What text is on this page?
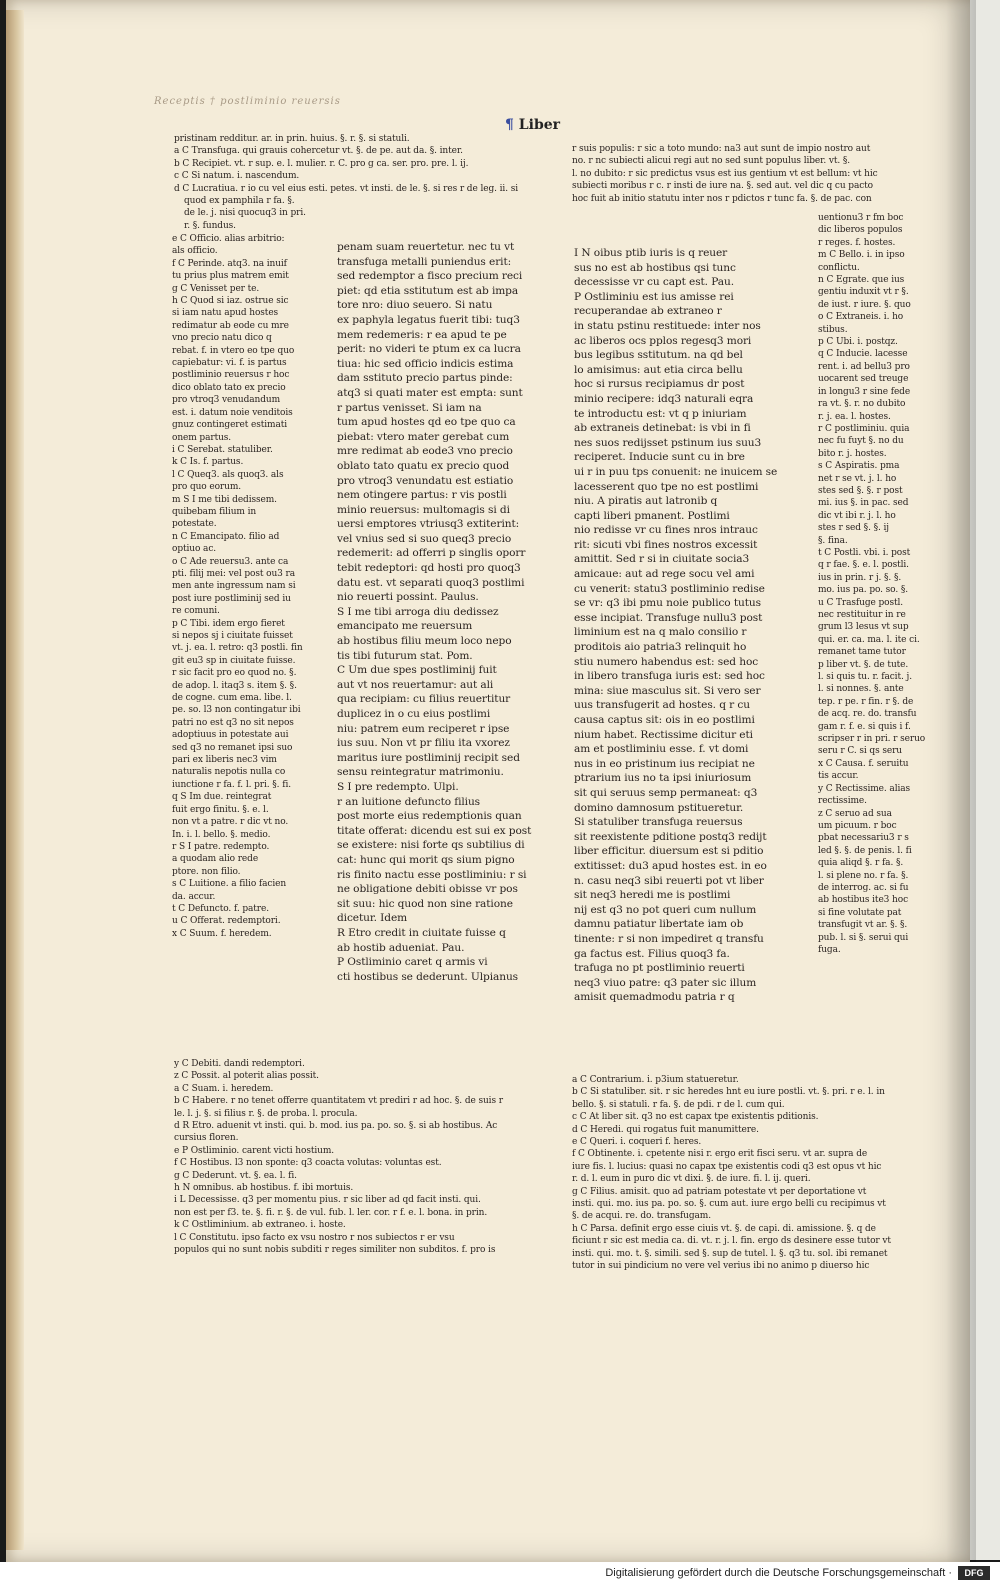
Receptis † postliminio reuersis
¶ Liber

pristinam redditur. ar. in prin. huius. §. r. §. si statuli.

a C Transfuga. qui grauis cohercetur vt. §. de pe. aut da. §. inter.

b C Recipiet. vt. r sup. e. l. mulier. r. C. pro g ca. ser. pro. pre. l. ij.

c C Si natum. i. nascendum.

d C Lucratiua. r io cu vel eius esti. petes. vt insti. de le. §. si res r de leg. ii. si

quod ex pamphila r fa. §.

de le. j. nisi quocuq3 in pri.

r. §. fundus.

e C Officio. alias arbitrio:

als officio.

f C Perinde. atq3. na inuif

tu prius plus matrem emit

g C Venisset per te.

h C Quod si iaz. ostrue sic

si iam natu apud hostes

redimatur ab eode cu mre

vno precio natu dico q

rebat. f. in vtero eo tpe quo

capiebatur: vi. f. is partus

postliminio reuersus r hoc

dico oblato tato ex precio

pro vtroq3 venudandum

est. i. datum noie venditois

gnuz contingeret estimati

onem partus.

i C Serebat. statuliber.

k C Is. f. partus.

l C Queq3. als quoq3. als

pro quo eorum.

m S I me tibi dedissem.

quibebam filium in

potestate.

n C Emancipato. filio ad

optiuo ac.

o C Ade reuersu3. ante ca

pti. filij mei: vel post ou3 ra

men ante ingressum nam si

post iure postliminij sed iu

re comuni.

p C Tibi. idem ergo fieret

si nepos sj i ciuitate fuisset

vt. j. ea. l. retro: q3 postli. fin

git eu3 sp in ciuitate fuisse.

r sic facit pro eo quod no. §.

de adop. l. itaq3 s. item §. §.

de cogne. cum ema. libe. l.

pe. so. l3 non contingatur ibi

patri no est q3 no sit nepos

adoptiuus in potestate aui

sed q3 no remanet ipsi suo

pari ex liberis nec3 vim

naturalis nepotis nulla co

iunctione r fa. f. l. pri. §. fi.

q S Im due. reintegrat

fuit ergo finitu. §. e. l.

non vt a patre. r dic vt no.

In. i. l. bello. §. medio.

r S I patre. redempto.

a quodam alio rede

ptore. non filio.

s C Luitione. a filio facien

da. accur.

t C Defuncto. f. patre.

u C Offerat. redemptori.

x C Suum. f. heredem.

penam suam reuertetur. nec tu vt

transfuga metalli puniendus erit:

sed redemptor a fisco precium reci

piet: qd etia sstitutum est ab impa

tore nro: diuo seuero. Si natu

ex paphyla legatus fuerit tibi: tuq3

mem redemeris: r ea apud te pe

perit: no videri te ptum ex ca lucra

tiua: hic sed officio indicis estima

dam sstituto precio partus pinde:

atq3 si quati mater est empta: sunt

r partus venisset. Si iam na

tum apud hostes qd eo tpe quo ca

piebat: vtero mater gerebat cum

mre redimat ab eode3 vno precio

oblato tato quatu ex precio quod

pro vtroq3 venundatu est estiatio

nem otingere partus: r vis postli

minio reuersus: multomagis si di

uersi emptores vtriusq3 extiterint:

vel vnius sed si suo queq3 precio

redemerit: ad offerri p singlis oporr

tebit redeptori: qd hosti pro quoq3

datu est. vt separati quoq3 postlimi

nio reuerti possint. Paulus.

S I me tibi arroga diu dedissez

emancipato me reuersum

ab hostibus filiu meum loco nepo

tis tibi futurum stat. Pom.

C Um due spes postliminij fuit

aut vt nos reuertamur: aut ali

qua recipiam: cu filius reuertitur

duplicez in o cu eius postlimi

niu: patrem eum reciperet r ipse

ius suu. Non vt pr filiu ita vxorez

maritus iure postliminij recipit sed

sensu reintegratur matrimoniu.

S I pre redempto. Ulpi.

r an luitione defuncto filius

post morte eius redemptionis quan

titate offerat: dicendu est sui ex post

se existere: nisi forte qs subtilius di

cat: hunc qui morit qs sium pigno

ris finito nactu esse postliminiu: r si

ne obligatione debiti obisse vr pos

sit suu: hic quod non sine ratione

dicetur. Idem

R Etro credit in ciuitate fuisse q

ab hostib adueniat. Pau.

P Ostliminio caret q armis vi

cti hostibus se dederunt. Ulpianus

r suis populis: r sic a toto mundo: na3 aut sunt de impio nostro aut

no. r nc subiecti alicui regi aut no sed sunt populus liber. vt. §.

l. no dubito: r sic predictus vsus est ius gentium vt est bellum: vt hic

subiecti moribus r c. r insti de iure na. §. sed aut. vel dic q cu pacto

hoc fuit ab initio statutu inter nos r pdictos r tunc fa. §. de pac. con

I N oibus ptib iuris is q reuer

sus no est ab hostibus qsi tunc

decessisse vr cu capt est. Pau.

P Ostliminiu est ius amisse rei

recuperandae ab extraneo r

in statu pstinu restituede: inter nos

ac liberos ocs pplos regesq3 mori

bus legibus sstitutum. na qd bel

lo amisimus: aut etia circa bellu

hoc si rursus recipiamus dr post

minio recipere: idq3 naturali eqra

te introductu est: vt q p iniuriam

ab extraneis detinebat: is vbi in fi

nes suos redijsset pstinum ius suu3

reciperet. Inducie sunt cu in bre

ui r in puu tps conuenit: ne inuicem se

lacesserent quo tpe no est postlimi

niu. A piratis aut latronib q

capti liberi pmanent. Postlimi

nio redisse vr cu fines nros intrauc

rit: sicuti vbi fines nostros excessit

amittit. Sed r si in ciuitate socia3

amicaue: aut ad rege socu vel ami

cu venerit: statu3 postliminio redise

se vr: q3 ibi pmu noie publico tutus

esse incipiat. Transfuge nullu3 post

liminium est na q malo consilio r

proditois aio patria3 relinquit ho

stiu numero habendus est: sed hoc

in libero transfuga iuris est: sed hoc

mina: siue masculus sit. Si vero ser

uus transfugerit ad hostes. q r cu

causa captus sit: ois in eo postlimi

nium habet. Rectissime dicitur eti

am et postliminiu esse. f. vt domi

nus in eo pristinum ius recipiat ne

ptrarium ius no ta ipsi iniuriosum

sit qui seruus semp permaneat: q3

domino damnosum pstitueretur.

Si statuliber transfuga reuersus

sit reexistente pditione postq3 redijt

liber efficitur. diuersum est si pditio

extitisset: du3 apud hostes est. in eo

n. casu neq3 sibi reuerti pot vt liber

sit neq3 heredi me is postlimi

nij est q3 no pot queri cum nullum

damnu patiatur libertate iam ob

tinente: r si non impediret q transfu

ga factus est. Filius quoq3 fa.

trafuga no pt postliminio reuerti

neq3 viuo patre: q3 pater sic illum

amisit quemadmodu patria r q

uentionu3 r fm boc

dic liberos populos

r reges. f. hostes.

m C Bello. i. in ipso

conflictu.

n C Egrate. que ius

gentiu induxit vt r §.

de iust. r iure. §. quo

o C Extraneis. i. ho

stibus.

p C Ubi. i. postqz.

q C Inducie. lacesse

rent. i. ad bellu3 pro

uocarent sed treuge

in longu3 r sine fede

ra vt. §. r. no dubito

r. j. ea. l. hostes.

r C postliminiu. quia

nec fu fuyt §. no du

bito r. j. hostes.

s C Aspiratis. pma

net r se vt. j. l. ho

stes sed §. §. r post

mi. ius §. in pac. sed

dic vt ibi r. j. l. ho

stes r sed §. §. ij

§. fina.

t C Postli. vbi. i. post

q r fae. §. e. l. postli.

ius in prin. r j. §. §.

mo. ius pa. po. so. §.

u C Trasfuge postl.

nec restituitur in re

grum l3 lesus vt sup

qui. er. ca. ma. l. ite ci.

remanet tame tutor

p liber vt. §. de tute.

l. si quis tu. r. facit. j.

l. si nonnes. §. ante

tep. r pe. r fin. r §. de

de acq. re. do. transfu

gam r. f. e. si quis i f.

scripser r in pri. r seruo

seru r C. si qs seru

x C Causa. f. seruitu

tis accur.

y C Rectissime. alias

rectissime.

z C seruo ad sua

um picuum. r boc

pbat necessariu3 r s

led §. §. de penis. l. fi

quia aliqd §. r fa. §.

l. si plene no. r fa. §.

de interrog. ac. si fu

ab hostibus ite3 hoc

si fine volutate pat

transfugit vt ar. §. §.

pub. l. si §. serui qui

fuga.

y C Debiti. dandi redemptori.

z C Possit. al poterit alias possit.

a C Suam. i. heredem.

b C Habere. r no tenet offerre quantitatem vt prediri r ad hoc. §. de suis r

le. l. j. §. si filius r. §. de proba. l. procula.

d R Etro. aduenit vt insti. qui. b. mod. ius pa. po. so. §. si ab hostibus. Ac

cursius floren.

e P Ostliminio. carent victi hostium.

f C Hostibus. l3 non sponte: q3 coacta volutas: voluntas est.

g C Dederunt. vt. §. ea. l. fi.

h N omnibus. ab hostibus. f. ibi mortuis.

i L Decessisse. q3 per momentu pius. r sic liber ad qd facit insti. qui.

non est per f3. te. §. fi. r. §. de vul. fub. l. ler. cor. r f. e. l. bona. in prin.

k C Ostliminium. ab extraneo. i. hoste.

l C Constitutu. ipso facto ex vsu nostro r nos subiectos r er vsu

populos qui no sunt nobis subditi r reges similiter non subditos. f. pro is

a C Contrarium. i. p3ium statueretur.

b C Si statuliber. sit. r sic heredes hnt eu iure postli. vt. §. pri. r e. l. in

bello. §. si statuli. r fa. §. de pdi. r de l. cum qui.

c C At liber sit. q3 no est capax tpe existentis pditionis.

d C Heredi. qui rogatus fuit manumittere.

e C Queri. i. coqueri f. heres.

f C Obtinente. i. cpetente nisi r. ergo erit fisci seru. vt ar. supra de

iure fis. l. lucius: quasi no capax tpe existentis codi q3 est opus vt hic

r. d. l. eum in puro dic vt dixi. §. de iure. fi. l. ij. queri.

g C Filius. amisit. quo ad patriam potestate vt per deportatione vt

insti. qui. mo. ius pa. po. so. §. cum aut. iure ergo belli cu recipimus vt

§. de acqui. re. do. transfugam.

h C Parsa. definit ergo esse ciuis vt. §. de capi. di. amissione. §. q de

ficiunt r sic est media ca. di. vt. r. j. l. fin. ergo ds desinere esse tutor vt

insti. qui. mo. t. §. simili. sed §. sup de tutel. l. §. q3 tu. sol. ibi remanet

tutor in sui pindicium no vere vel verius ibi no animo p diuerso hic

Digitalisierung gefördert durch die Deutsche Forschungsgemeinschaft ·	DFG
